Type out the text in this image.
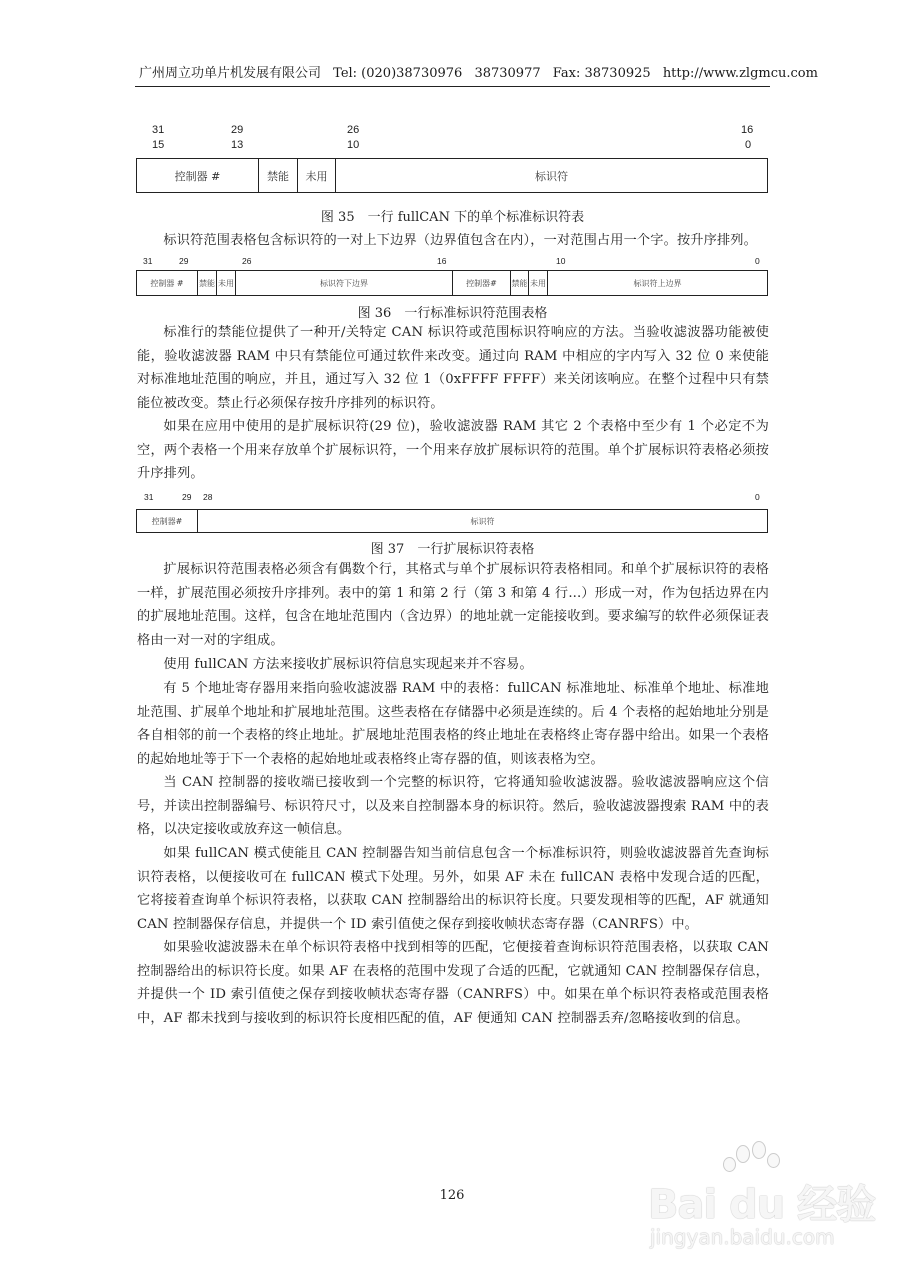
广州周立功单片机发展有限公司 Tel: (020)38730976 38730977 Fax: 38730925 http://www.zlgmcu.com
31	29	26	16
15	13	10	0
控制器 #	禁能	未用	标识符
图 35　一行 fullCAN 下的单个标准标识符表
标识符范围表格包含标识符的一对上下边界（边界值包含在内），一对范围占用一个字。按升序排列。
31	29	26	16	10	0
控制器 #	禁能 未用	标识符下边界	控制器#	禁能 未用	标识符上边界
图 36　一行标准标识符范围表格
标准行的禁能位提供了一种开/关特定 CAN 标识符或范围标识符响应的方法。当验收滤波器功能被使能，验收滤波器 RAM 中只有禁能位可通过软件来改变。通过向 RAM 中相应的字内写入 32 位 0 来使能对标准地址范围的响应，并且，通过写入 32 位 1（0xFFFF FFFF）来关闭该响应。在整个过程中只有禁能位被改变。禁止行必须保存按升序排列的标识符。
如果在应用中使用的是扩展标识符(29 位)，验收滤波器 RAM 其它 2 个表格中至少有 1 个必定不为空，两个表格一个用来存放单个扩展标识符，一个用来存放扩展标识符的范围。单个扩展标识符表格必须按升序排列。
31	29 28	0
控制器#	标识符
图 37　一行扩展标识符表格
扩展标识符范围表格必须含有偶数个行，其格式与单个扩展标识符表格相同。和单个扩展标识符的表格一样，扩展范围必须按升序排列。表中的第 1 和第 2 行（第 3 和第 4 行...）形成一对，作为包括边界在内的扩展地址范围。这样，包含在地址范围内（含边界）的地址就一定能接收到。要求编写的软件必须保证表格由一对一对的字组成。
使用 fullCAN 方法来接收扩展标识符信息实现起来并不容易。
有 5 个地址寄存器用来指向验收滤波器 RAM 中的表格：fullCAN 标准地址、标准单个地址、标准地址范围、扩展单个地址和扩展地址范围。这些表格在存储器中必须是连续的。后 4 个表格的起始地址分别是各自相邻的前一个表格的终止地址。扩展地址范围表格的终止地址在表格终止寄存器中给出。如果一个表格的起始地址等于下一个表格的起始地址或表格终止寄存器的值，则该表格为空。
当 CAN 控制器的接收端已接收到一个完整的标识符，它将通知验收滤波器。验收滤波器响应这个信号，并读出控制器编号、标识符尺寸，以及来自控制器本身的标识符。然后，验收滤波器搜索 RAM 中的表格，以决定接收或放弃这一帧信息。
如果 fullCAN 模式使能且 CAN 控制器告知当前信息包含一个标准标识符，则验收滤波器首先查询标识符表格，以便接收可在 fullCAN 模式下处理。另外，如果 AF 未在 fullCAN 表格中发现合适的匹配，它将接着查询单个标识符表格，以获取 CAN 控制器给出的标识符长度。只要发现相等的匹配，AF 就通知 CAN 控制器保存信息，并提供一个 ID 索引值使之保存到接收帧状态寄存器（CANRFS）中。
如果验收滤波器未在单个标识符表格中找到相等的匹配，它便接着查询标识符范围表格，以获取 CAN 控制器给出的标识符长度。如果 AF 在表格的范围中发现了合适的匹配，它就通知 CAN 控制器保存信息，并提供一个 ID 索引值使之保存到接收帧状态寄存器（CANRFS）中。如果在单个标识符表格或范围表格中，AF 都未找到与接收到的标识符长度相匹配的值，AF 便通知 CAN 控制器丢弃/忽略接收到的信息。
126	Bai du 经验
jingyan.baidu.com
